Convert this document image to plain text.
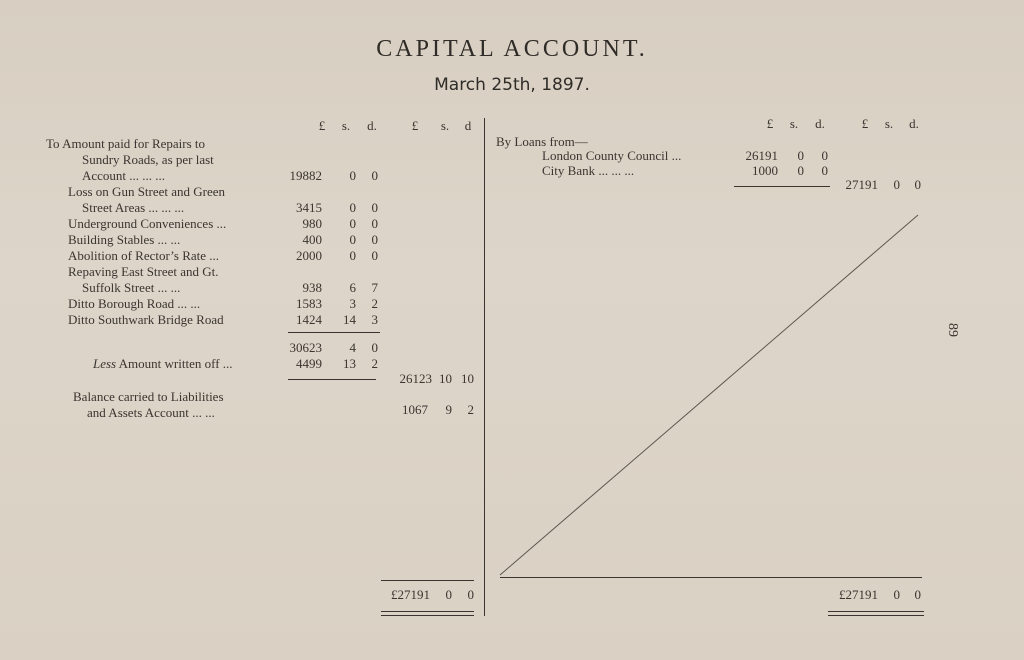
CAPITAL ACCOUNT.
March 25th, 1897.
£	s.	d.	£	s.	d
To Amount paid for Repairs to
Sundry Roads, as per last
Account ... ... ...	19882	0	0
Loss on Gun Street and Green
Street Areas ... ... ...	3415	0	0
Underground Conveniences ...	980	0	0
Building Stables ... ...	400	0	0
Abolition of Rector’s Rate ...	2000	0	0
Repaving East Street and Gt.
Suffolk Street ... ...	938	6	7
Ditto Borough Road ... ...	1583	3	2
Ditto Southwark Bridge Road	1424	14	3
30623	4	0
Less Amount written off ...	4499	13	2
26123 10 10
Balance carried to Liabilities
and Assets Account ... ...	1067	9	2
£27191	0	0
£	s.	d.	£	s.	d.
By Loans from—
London County Council ...	26191	0	0
City Bank ... ... ...	1000	0	0
27191	0	0
£27191	0	0
89
